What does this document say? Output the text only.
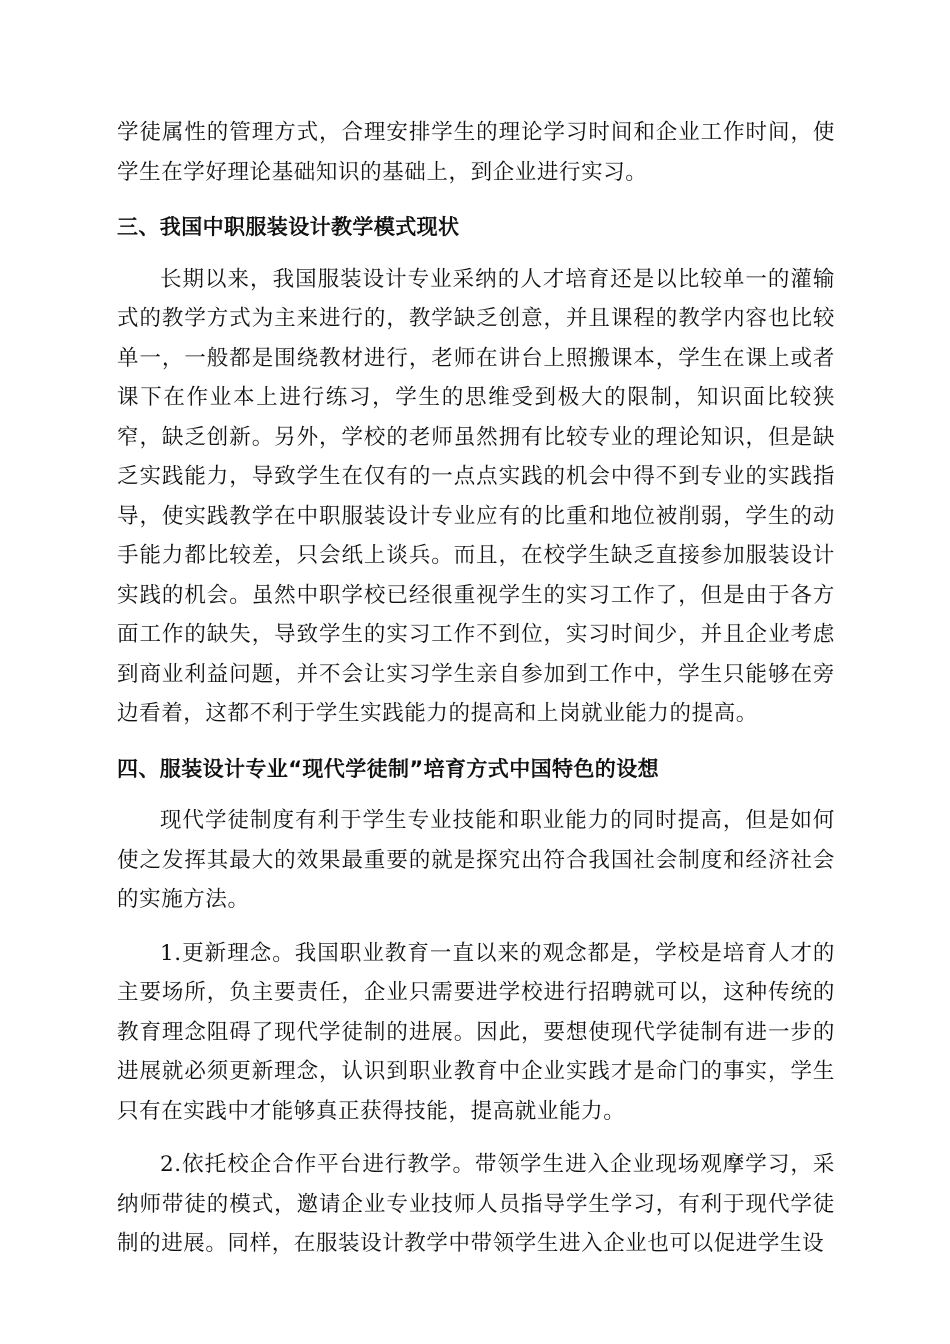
学徒属性的管理方式，合理安排学生的理论学习时间和企业工作时间，使学生在学好理论基础知识的基础上，到企业进行实习。

三、我国中职服装设计教学模式现状

长期以来，我国服装设计专业采纳的人才培育还是以比较单一的灌输式的教学方式为主来进行的，教学缺乏创意，并且课程的教学内容也比较单一，一般都是围绕教材进行，老师在讲台上照搬课本，学生在课上或者课下在作业本上进行练习，学生的思维受到极大的限制，知识面比较狭窄，缺乏创新。另外，学校的老师虽然拥有比较专业的理论知识，但是缺乏实践能力，导致学生在仅有的一点点实践的机会中得不到专业的实践指导，使实践教学在中职服装设计专业应有的比重和地位被削弱，学生的动手能力都比较差，只会纸上谈兵。而且，在校学生缺乏直接参加服装设计实践的机会。虽然中职学校已经很重视学生的实习工作了，但是由于各方面工作的缺失，导致学生的实习工作不到位，实习时间少，并且企业考虑到商业利益问题，并不会让实习学生亲自参加到工作中，学生只能够在旁边看着，这都不利于学生实践能力的提高和上岗就业能力的提高。

四、服装设计专业“现代学徒制”培育方式中国特色的设想

现代学徒制度有利于学生专业技能和职业能力的同时提高，但是如何使之发挥其最大的效果最重要的就是探究出符合我国社会制度和经济社会的实施方法。

1.更新理念。我国职业教育一直以来的观念都是，学校是培育人才的主要场所，负主要责任，企业只需要进学校进行招聘就可以，这种传统的教育理念阻碍了现代学徒制的进展。因此，要想使现代学徒制有进一步的进展就必须更新理念，认识到职业教育中企业实践才是命门的事实，学生只有在实践中才能够真正获得技能，提高就业能力。

2.依托校企合作平台进行教学。带领学生进入企业现场观摩学习，采纳师带徒的模式，邀请企业专业技师人员指导学生学习，有利于现代学徒制的进展。同样，在服装设计教学中带领学生进入企业也可以促进学生设
